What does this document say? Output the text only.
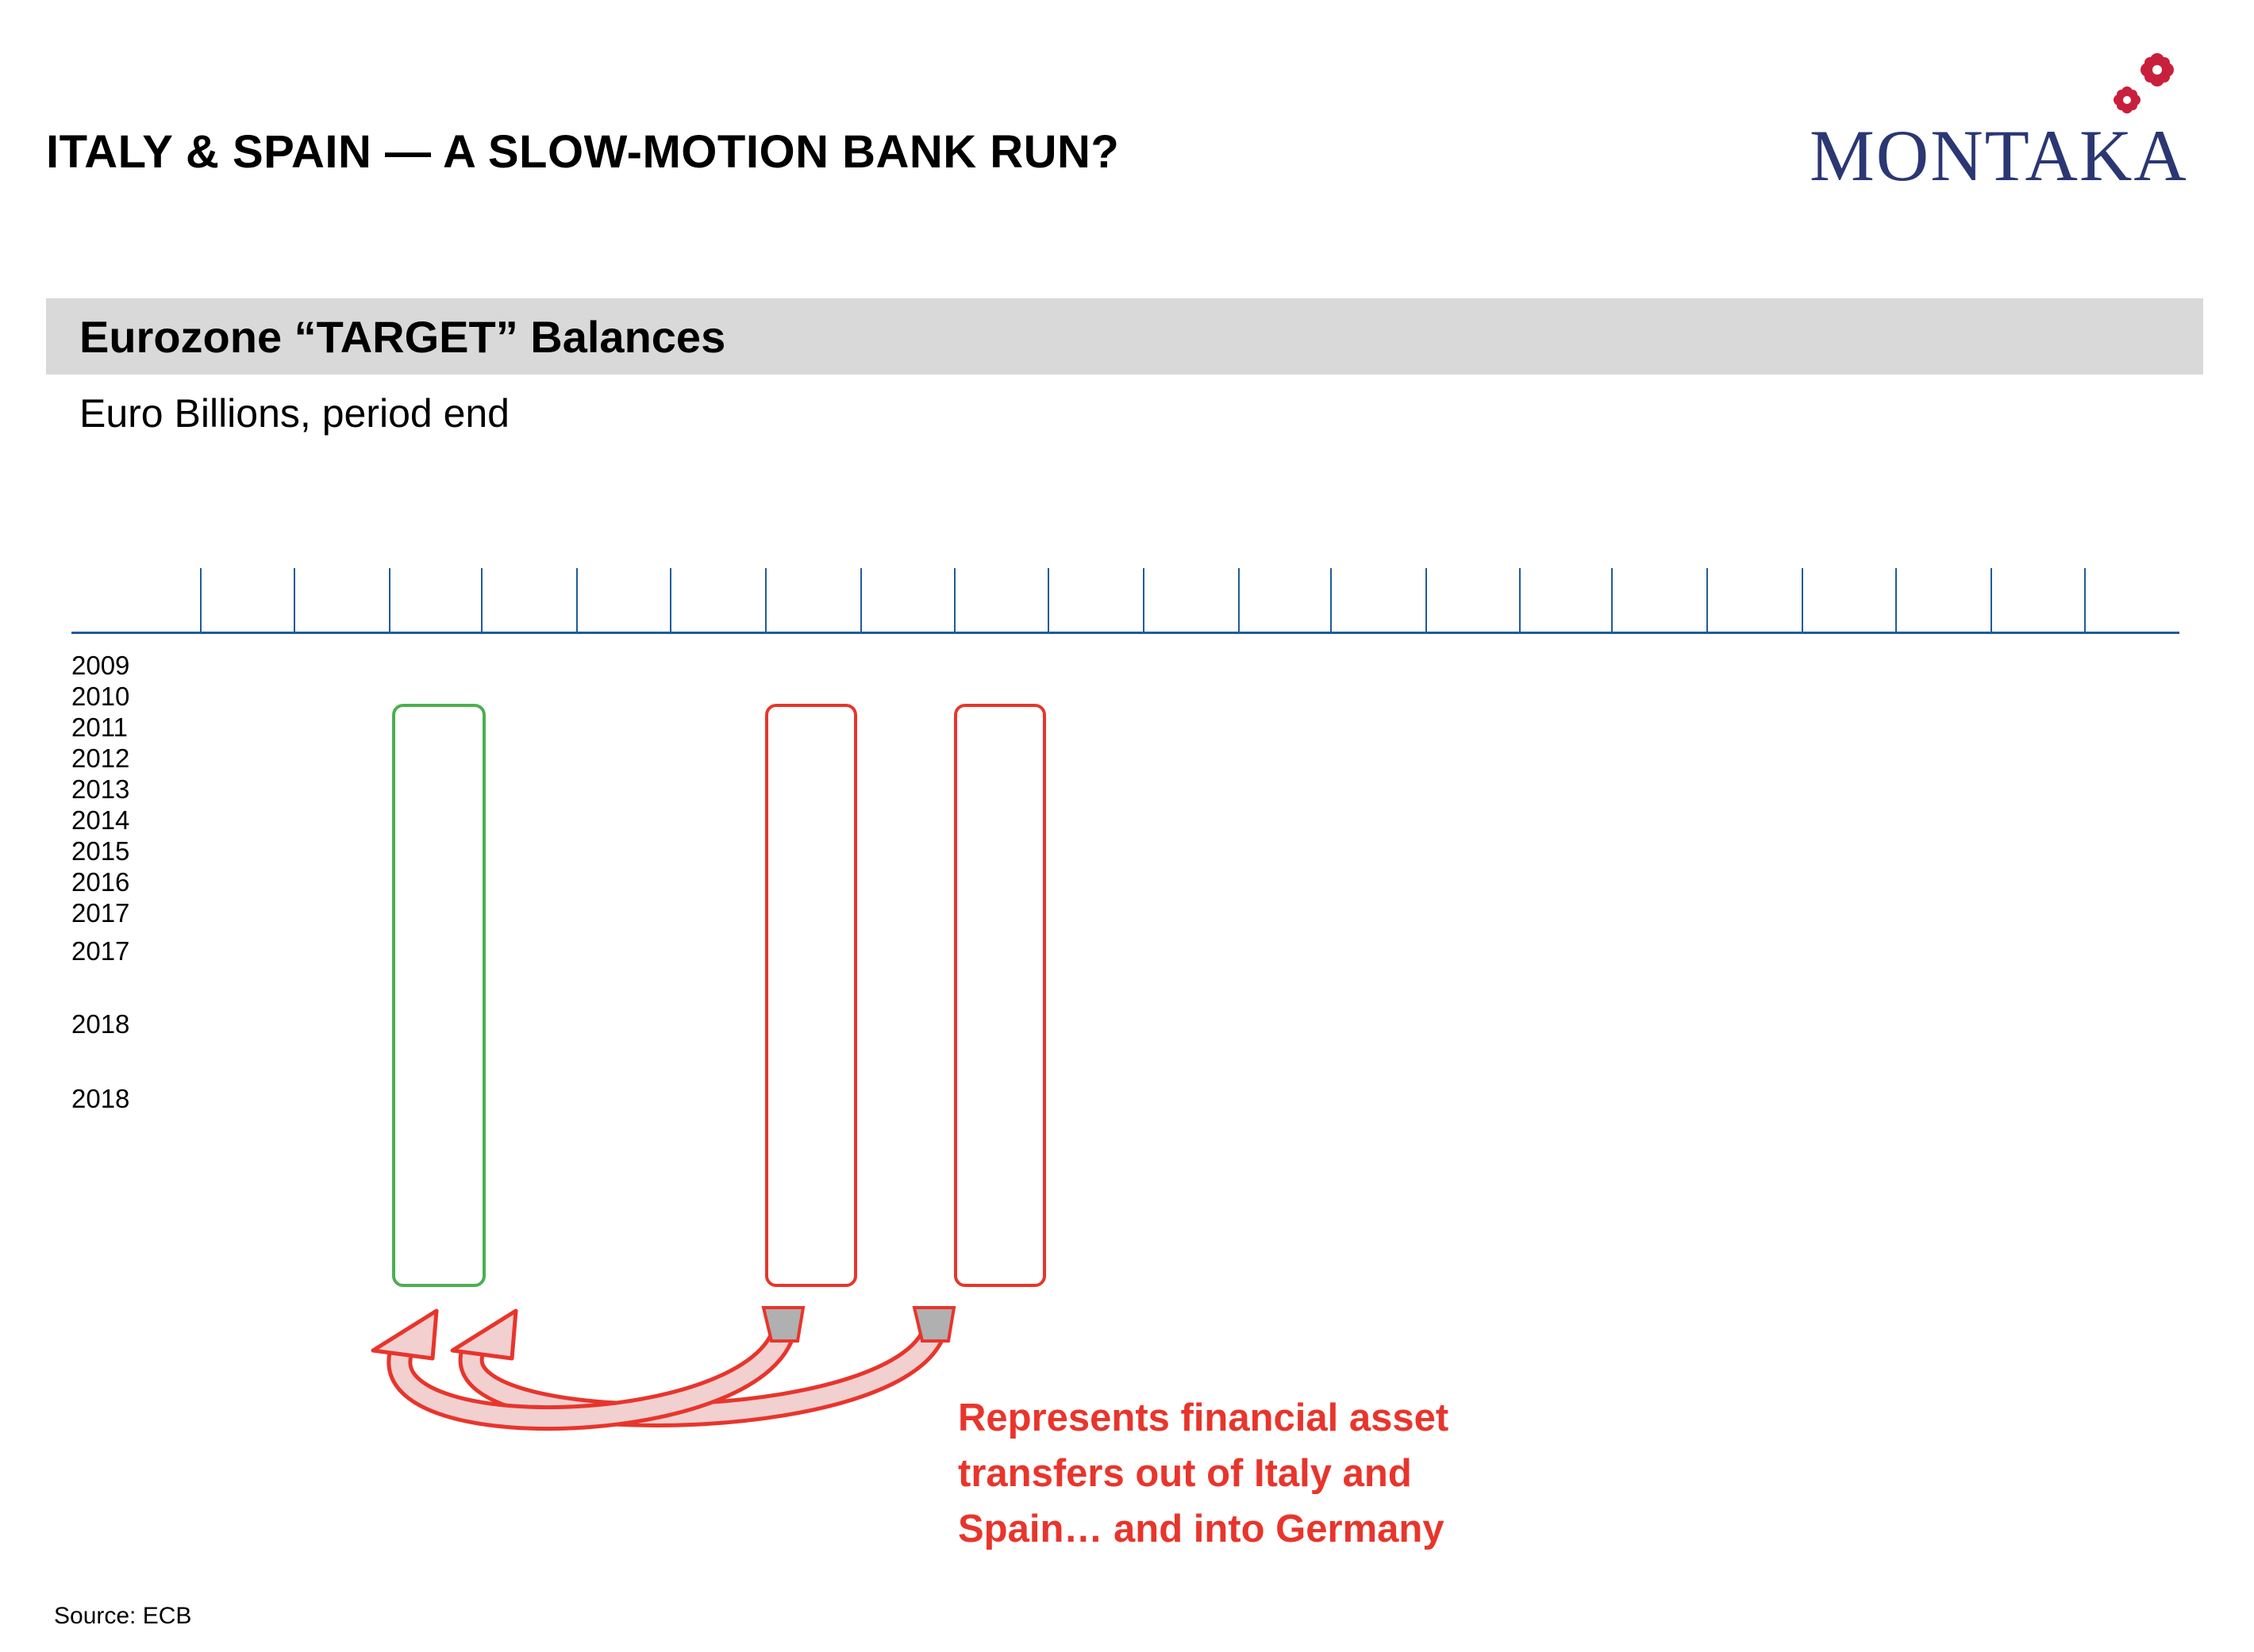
ITALY & SPAIN — A SLOW-MOTION BANK RUN?	MONTAKA
Eurozone “TARGET” Balances
Euro Billions, period end
2009
2010
2011
2012
2013
2014
2015
2016
2017
2017
2018
2018
Represents financial asset
transfers out of Italy and
Spain… and into Germany
Source: ECB
